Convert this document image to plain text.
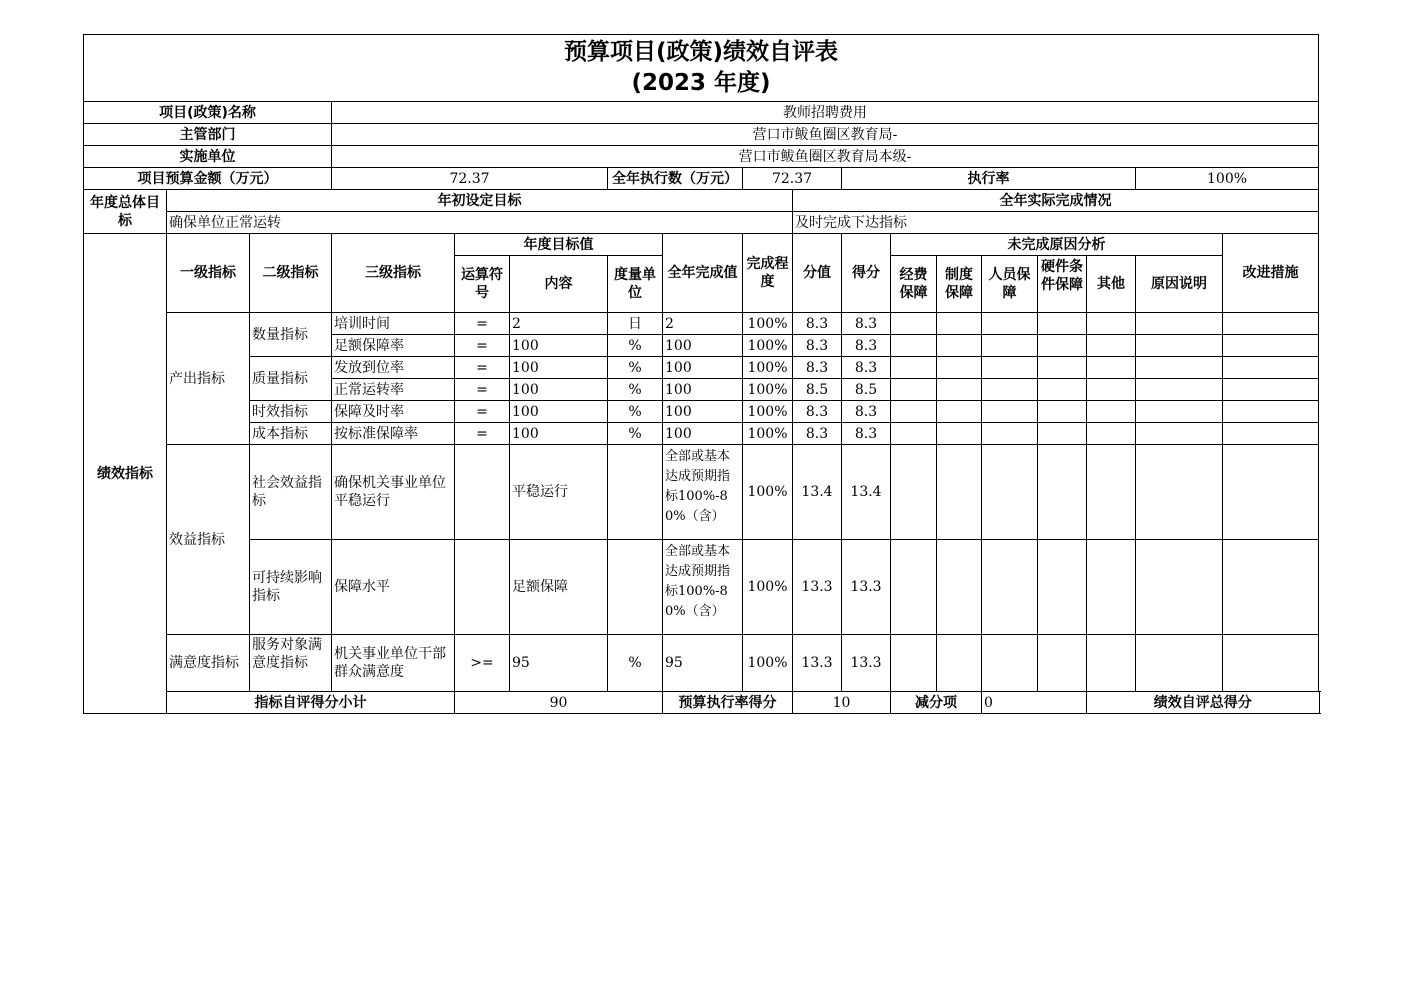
预算项目(政策)绩效自评表
(2023 年度)																		

项目(政策)名称			教师招聘费用															
主管部门			营口市鲅鱼圈区教育局-															
实施单位			营口市鲅鱼圈区教育局本级-															
项目预算金额（万元）			72.37			全年执行数（万元）		72.37		执行率						100%		
年度总体目标	年初设定目标								全年实际完成情况									
	确保单位正常运转								及时完成下达指标									
绩效指标	一级指标	二级指标	三级指标	年度目标值			全年完成值	完成程度	分值	得分	未完成原因分析						改进措施	
				运算符号	内容	度量单位					经费保障	制度保障	人员保障	硬件条件保障	其他	原因说明		
	产出指标	数量指标	培训时间	=	2	日	2	100%	8.3	8.3								
			足额保障率	=	100	%	100	100%	8.3	8.3								
		质量指标	发放到位率	=	100	%	100	100%	8.3	8.3								
			正常运转率	=	100	%	100	100%	8.5	8.5								
		时效指标	保障及时率	=	100	%	100	100%	8.3	8.3								
		成本指标	按标准保障率	=	100	%	100	100%	8.3	8.3								
	效益指标	社会效益指标	确保机关事业单位平稳运行		平稳运行		全部或基本达成预期指标100%-80%（含）	100%	13.4	13.4								
		可持续影响指标	保障水平		足额保障		全部或基本达成预期指标100%-80%（含）	100%	13.3	13.3								
	满意度指标	服务对象满意度指标	机关事业单位干部群众满意度	>=	95	%	95	100%	13.3	13.3								
	指标自评得分小计			90			预算执行率得分		10		减分项		0		绩效自评总得分	
